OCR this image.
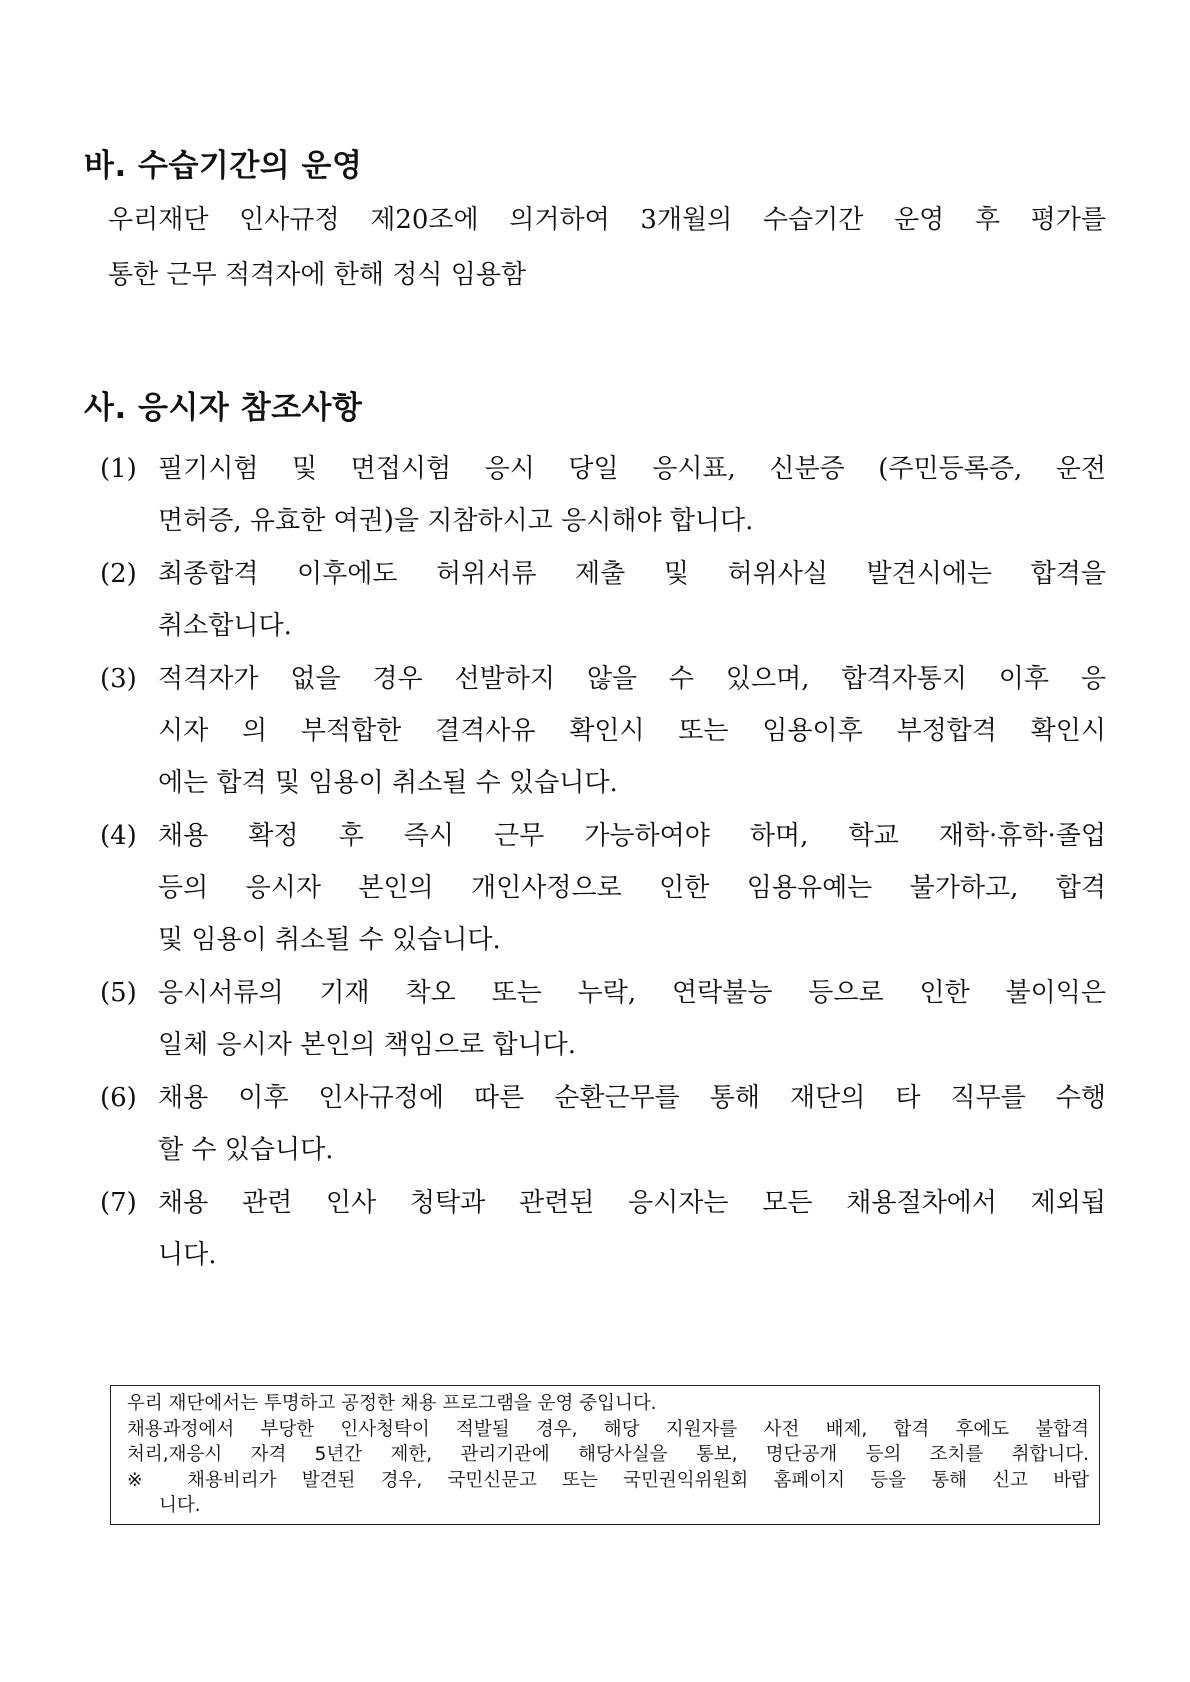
바. 수습기간의 운영
우리재단 인사규정 제20조에 의거하여 3개월의 수습기간 운영 후 평가를
통한 근무 적격자에 한해 정식 임용함
사. 응시자 참조사항
(1) 필기시험 및 면접시험 응시 당일 응시표, 신분증 (주민등록증, 운전
면허증, 유효한 여권)을 지참하시고 응시해야 합니다.
(2) 최종합격 이후에도 허위서류 제출 및 허위사실 발견시에는 합격을
취소합니다.
(3) 적격자가 없을 경우 선발하지 않을 수 있으며, 합격자통지 이후 응
시자 의 부적합한 결격사유 확인시 또는 임용이후 부정합격 확인시
에는 합격 및 임용이 취소될 수 있습니다.
(4) 채용 확정 후 즉시 근무 가능하여야 하며, 학교 재학·휴학·졸업
등의 응시자 본인의 개인사정으로 인한 임용유예는 불가하고, 합격
및 임용이 취소될 수 있습니다.
(5) 응시서류의 기재 착오 또는 누락, 연락불능 등으로 인한 불이익은
일체 응시자 본인의 책임으로 합니다.
(6) 채용 이후 인사규정에 따른 순환근무를 통해 재단의 타 직무를 수행
할 수 있습니다.
(7) 채용 관련 인사 청탁과 관련된 응시자는 모든 채용절차에서 제외됩
니다.
우리 재단에서는 투명하고 공정한 채용 프로그램을 운영 중입니다.
채용과정에서 부당한 인사청탁이 적발될 경우, 해당 지원자를 사전 배제, 합격 후에도 불합격
처리,재응시 자격 5년간 제한, 관리기관에 해당사실을 통보, 명단공개 등의 조치를 취합니다.
※ 채용비리가 발견된 경우, 국민신문고 또는 국민권익위원회 홈페이지 등을 통해 신고 바랍
니다.
